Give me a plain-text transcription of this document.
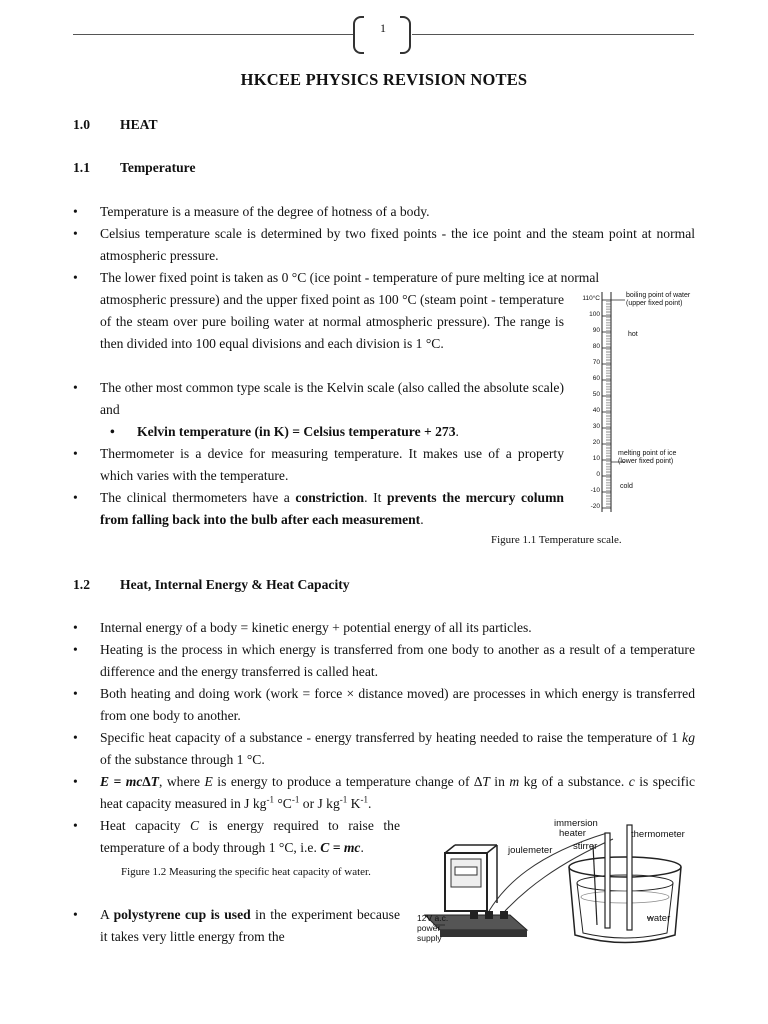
1
HKCEE PHYSICS REVISION NOTES
1.0 HEAT
1.1 Temperature
Temperature is a measure of the degree of hotness of a body.
Celsius temperature scale is determined by two fixed points - the ice point and the steam point at normal atmospheric pressure.
The lower fixed point is taken as 0 °C (ice point - temperature of pure melting ice at normal
atmospheric pressure) and the upper fixed point as 100 °C (steam point - temperature of the steam over pure boiling water at normal atmospheric pressure). The range is then divided into 100 equal divisions and each division is 1 °C.
The other most common type scale is the Kelvin scale (also called the absolute scale) and
• Kelvin temperature (in K) = Celsius temperature + 273.
Thermometer is a device for measuring temperature. It makes use of a property which varies with the temperature.
The clinical thermometers have a constriction. It prevents the mercury column from falling back into the bulb after each measurement.
110°C
100
90
80
70
60
50
40
30
20
10
0
-10
-20
boiling point of water
(upper fixed point)
hot
melting point of ice
(lower fixed point)
cold
Figure 1.1 Temperature scale.
1.2 Heat, Internal Energy & Heat Capacity
Internal energy of a body = kinetic energy + potential energy of all its particles.
Heating is the process in which energy is transferred from one body to another as a result of a temperature difference and the energy transferred is called heat.
Both heating and doing work (work = force × distance moved) are processes in which energy is transferred from one body to another.
Specific heat capacity of a substance - energy transferred by heating needed to raise the temperature of 1 kg of the substance through 1 °C.
E = mc∆T, where E is energy to produce a temperature change of ∆T in m kg of a substance. c is specific heat capacity measured in J $kg^{-1}$ $^\circ C^{-1}$ or J $kg^{-1}$ $K^{-1}$.
Heat capacity C is energy required to raise the temperature of a body through 1 °C, i.e. C = mc.
Figure 1.2 Measuring the specific heat capacity of water.
A polystyrene cup is used in the experiment because it takes very little energy from the
immersion
heater	thermometer
joulemeter stirrer
12V a.c.
power
supply
water
